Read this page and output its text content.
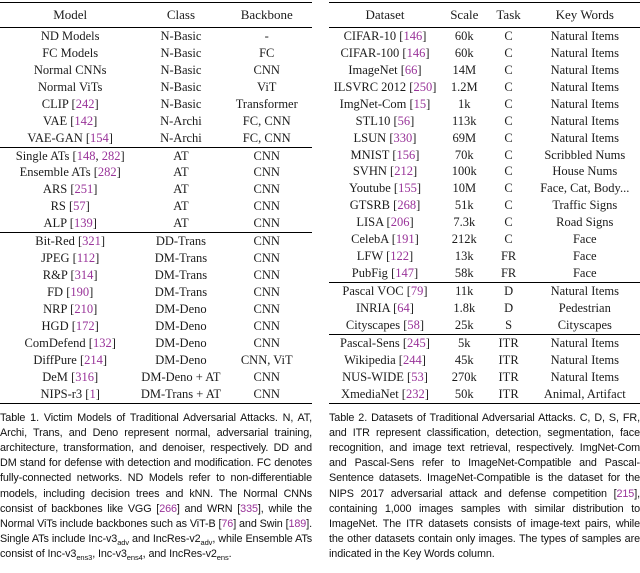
Model	Class	Backbone
ND Models	N-Basic	-
FC Models	N-Basic	FC
Normal CNNs	N-Basic	CNN
Normal ViTs	N-Basic	ViT
CLIP [242]	N-Basic	Transformer
VAE [142]	N-Archi	FC, CNN
VAE-GAN [154]	N-Archi	FC, CNN
Single ATs [148, 282]	AT	CNN
Ensemble ATs [282]	AT	CNN
ARS [251]	AT	CNN
RS [57]	AT	CNN
ALP [139]	AT	CNN
Bit-Red [321]	DD-Trans	CNN
JPEG [112]	DM-Trans	CNN
R&P [314]	DM-Trans	CNN
FD [190]	DM-Trans	CNN
NRP [210]	DM-Deno	CNN
HGD [172]	DM-Deno	CNN
ComDefend [132]	DM-Deno	CNN
DiffPure [214]	DM-Deno	CNN, ViT
DeM [316]	DM-Deno + AT	CNN
NIPS-r3 [1]	DM-Trans + AT	CNN
Table 1. Victim Models of Traditional Adversarial Attacks. N, AT, Archi, Trans, and Deno represent normal, adversarial training, architecture, transformation, and denoiser, respectively. DD and DM stand for defense with detection and modification. FC denotes fully-connected networks. ND Models refer to non-differentiable models, including decision trees and kNN. The Normal CNNs consist of backbones like VGG [266] and WRN [335], while the Normal ViTs include backbones such as ViT-B [76] and Swin [189]. Single ATs include Inc-$v3_{adv}$ and IncRes-$v2_{adv}$, while Ensemble ATs consist of Inc-$v3_{ens3}$, Inc-$v3_{ens4}$, and IncRes-$v2_{ens}$.
Dataset	Scale	Task	Key Words
CIFAR-10 [146]	60k	C	Natural Items
CIFAR-100 [146]	60k	C	Natural Items
ImageNet [66]	14M	C	Natural Items
ILSVRC 2012 [250]	1.2M	C	Natural Items
ImgNet-Com [15]	1k	C	Natural Items
STL10 [56]	113k	C	Natural Items
LSUN [330]	69M	C	Natural Items
MNIST [156]	70k	C	Scribbled Nums
SVHN [212]	100k	C	House Nums
Youtube [155]	10M	C	Face, Cat, Body...
GTSRB [268]	51k	C	Traffic Signs
LISA [206]	7.3k	C	Road Signs
CelebA [191]	212k	C	Face
LFW [122]	13k	FR	Face
PubFig [147]	58k	FR	Face
Pascal VOC [79]	11k	D	Natural Items
INRIA [64]	1.8k	D	Pedestrian
Cityscapes [58]	25k	S	Cityscapes
Pascal-Sens [245]	5k	ITR	Natural Items
Wikipedia [244]	45k	ITR	Natural Items
NUS-WIDE [53]	270k	ITR	Natural Items
XmediaNet [232]	50k	ITR	Animal, Artifact
Table 2. Datasets of Traditional Adversarial Attacks. C, D, S, FR, and ITR represent classification, detection, segmentation, face recognition, and image text retrieval, respectively. ImgNet-Com and Pascal-Sens refer to ImageNet-Compatible and Pascal-Sentence datasets. ImageNet-Compatible is the dataset for the NIPS 2017 adversarial attack and defense competition [215], containing 1,000 images samples with similar distribution to ImageNet. The ITR datasets consists of image-text pairs, while the other datasets contain only images. The types of samples are indicated in the Key Words column.
